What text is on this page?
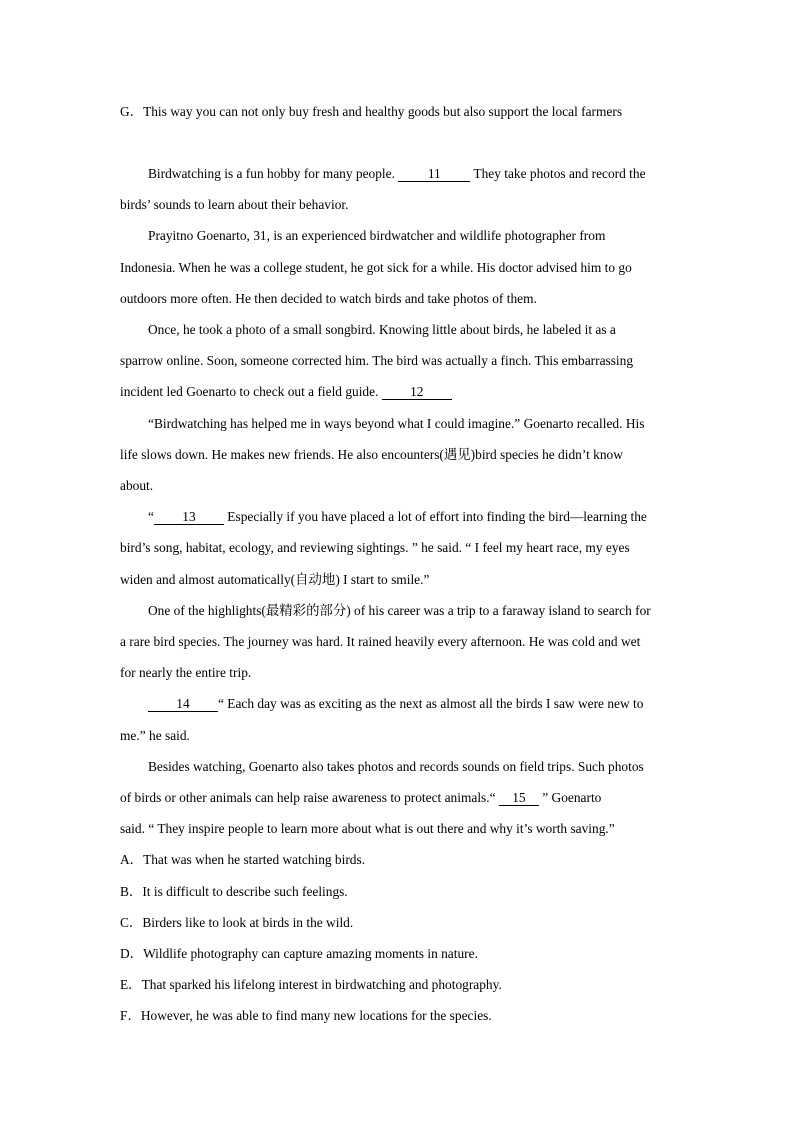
G．This way you can not only buy fresh and healthy goods but also support the local farmers
Birdwatching is a fun hobby for many people. 11 They take photos and record the
birds’ sounds to learn about their behavior.
Prayitno Goenarto, 31, is an experienced birdwatcher and wildlife photographer from
Indonesia. When he was a college student, he got sick for a while. His doctor advised him to go
outdoors more often. He then decided to watch birds and take photos of them.
Once, he took a photo of a small songbird. Knowing little about birds, he labeled it as a
sparrow online. Soon, someone corrected him. The bird was actually a finch. This embarrassing
incident led Goenarto to check out a field guide. 12
“Birdwatching has helped me in ways beyond what I could imagine.” Goenarto recalled. His
life slows down. He makes new friends. He also encounters(遇见)bird species he didn’t know
about.
“ 13 Especially if you have placed a lot of effort into finding the bird—learning the
bird’s song, habitat, ecology, and reviewing sightings. ” he said. “ I feel my heart race, my eyes
widen and almost automatically(自动地) I start to smile.”
One of the highlights(最精彩的部分) of his career was a trip to a faraway island to search for
a rare bird species. The journey was hard. It rained heavily every afternoon. He was cold and wet
for nearly the entire trip.
14 “ Each day was as exciting as the next as almost all the birds I saw were new to
me.” he said.
Besides watching, Goenarto also takes photos and records sounds on field trips. Such photos
of birds or other animals can help raise awareness to protect animals.“ 15 ” Goenarto
said. “ They inspire people to learn more about what is out there and why it’s worth saving.”
A．That was when he started watching birds.
B．It is difficult to describe such feelings.
C．Birders like to look at birds in the wild.
D．Wildlife photography can capture amazing moments in nature.
E．That sparked his lifelong interest in birdwatching and photography.
F．However, he was able to find many new locations for the species.
